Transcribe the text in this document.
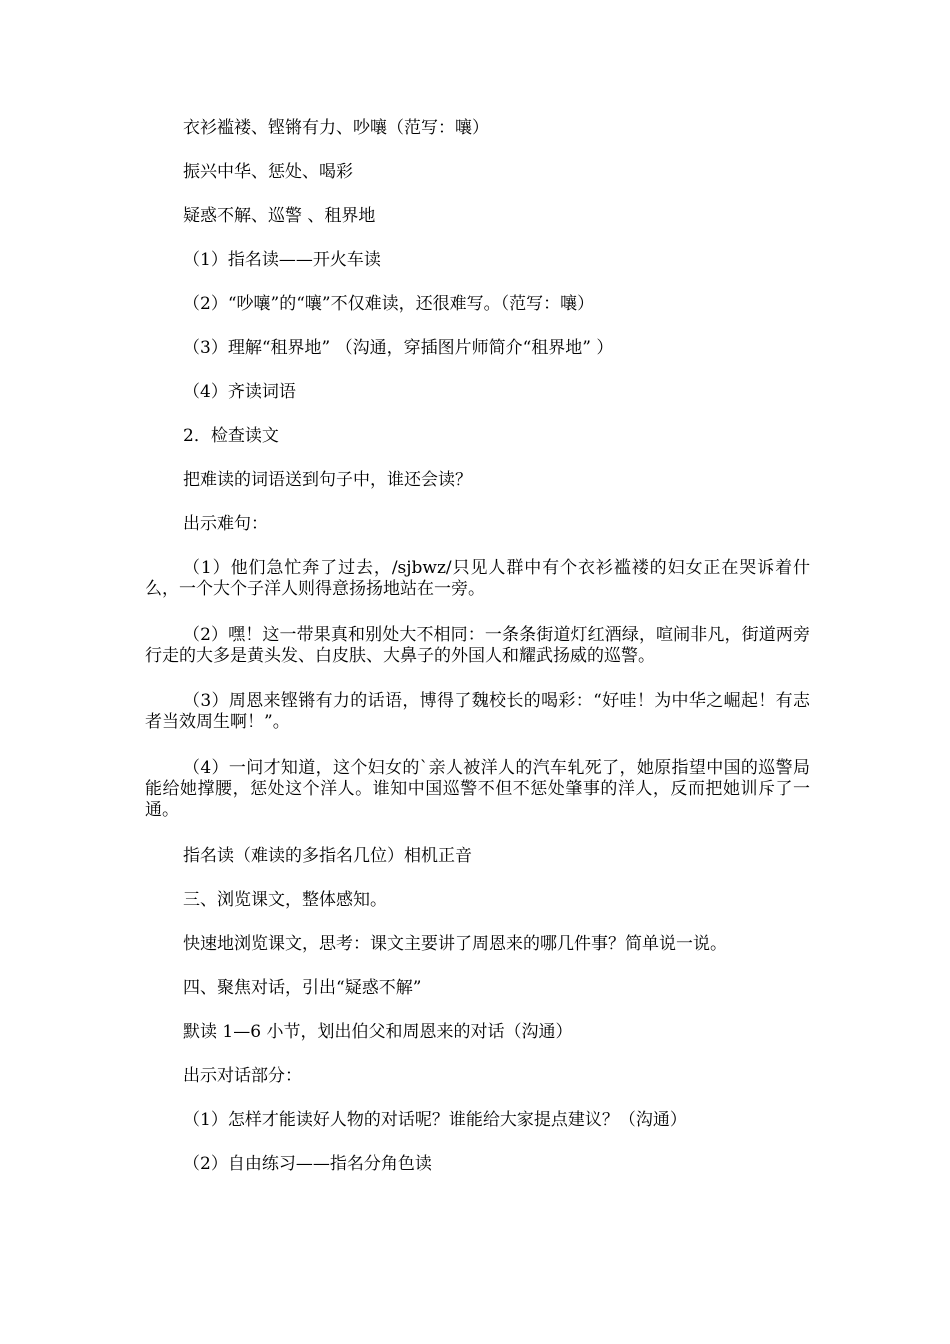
衣衫褴褛、铿锵有力、吵嚷（范写：嚷）
振兴中华、惩处、喝彩
疑惑不解、巡警 、租界地
（1）指名读——开火车读
（2）“吵嚷”的“嚷”不仅难读，还很难写。（范写：嚷）
（3）理解“租界地” （沟通，穿插图片师简介“租界地” ）
（4）齐读词语
2．检查读文
把难读的词语送到句子中，谁还会读？
出示难句：
（1）他们急忙奔了过去，/sjbwz/只见人群中有个衣衫褴褛的妇女正在哭诉着什么，一个大个子洋人则得意扬扬地站在一旁。
（2）嘿！这一带果真和别处大不相同：一条条街道灯红酒绿，喧闹非凡，街道两旁行走的大多是黄头发、白皮肤、大鼻子的外国人和耀武扬威的巡警。
（3）周恩来铿锵有力的话语，博得了魏校长的喝彩：“好哇！为中华之崛起！有志者当效周生啊！”。
（4）一问才知道，这个妇女的`亲人被洋人的汽车轧死了，她原指望中国的巡警局能给她撑腰，惩处这个洋人。谁知中国巡警不但不惩处肇事的洋人，反而把她训斥了一通。
指名读（难读的多指名几位）相机正音
三、浏览课文，整体感知。
快速地浏览课文，思考：课文主要讲了周恩来的哪几件事？简单说一说。
四、聚焦对话，引出“疑惑不解”
默读 1—6 小节，划出伯父和周恩来的对话（沟通）
出示对话部分：
（1）怎样才能读好人物的对话呢？谁能给大家提点建议？（沟通）
（2）自由练习——指名分角色读
